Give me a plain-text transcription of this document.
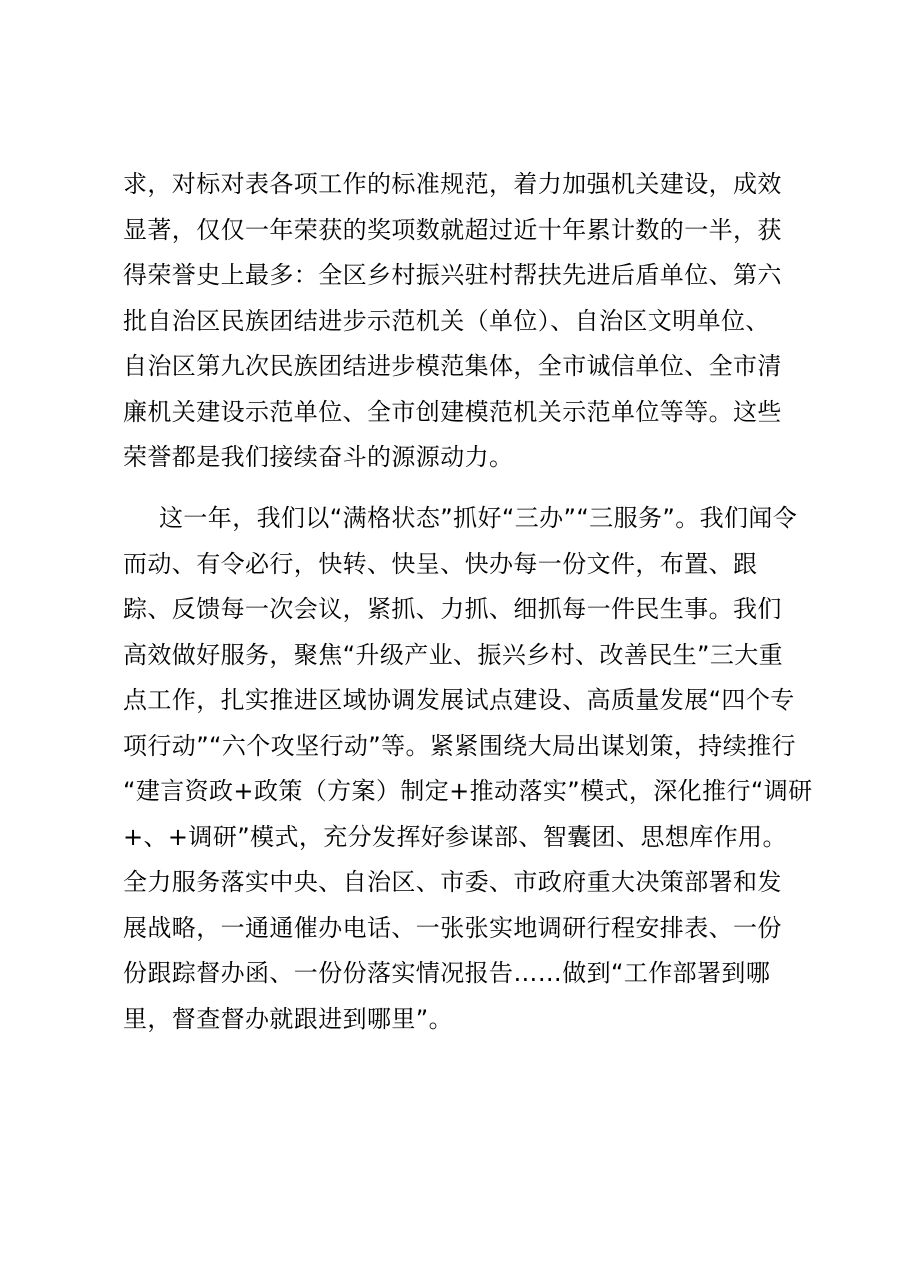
求，对标对表各项工作的标准规范，着力加强机关建设，成效
显著，仅仅一年荣获的奖项数就超过近十年累计数的一半，获
得荣誉史上最多：全区乡村振兴驻村帮扶先进后盾单位、第六
批自治区民族团结进步示范机关（单位）、自治区文明单位、
自治区第九次民族团结进步模范集体，全市诚信单位、全市清
廉机关建设示范单位、全市创建模范机关示范单位等等。这些
荣誉都是我们接续奋斗的源源动力。

这一年，我们以“满格状态”抓好“三办”“三服务”。我们闻令
而动、有令必行，快转、快呈、快办每一份文件，布置、跟
踪、反馈每一次会议，紧抓、力抓、细抓每一件民生事。我们
高效做好服务，聚焦“升级产业、振兴乡村、改善民生”三大重
点工作，扎实推进区域协调发展试点建设、高质量发展“四个专
项行动”“六个攻坚行动”等。紧紧围绕大局出谋划策，持续推行
“建言资政+政策（方案）制定+推动落实”模式，深化推行“调研
+、+调研”模式，充分发挥好参谋部、智囊团、思想库作用。
全力服务落实中央、自治区、市委、市政府重大决策部署和发
展战略，一通通催办电话、一张张实地调研行程安排表、一份
份跟踪督办函、一份份落实情况报告……做到“工作部署到哪
里，督查督办就跟进到哪里”。
